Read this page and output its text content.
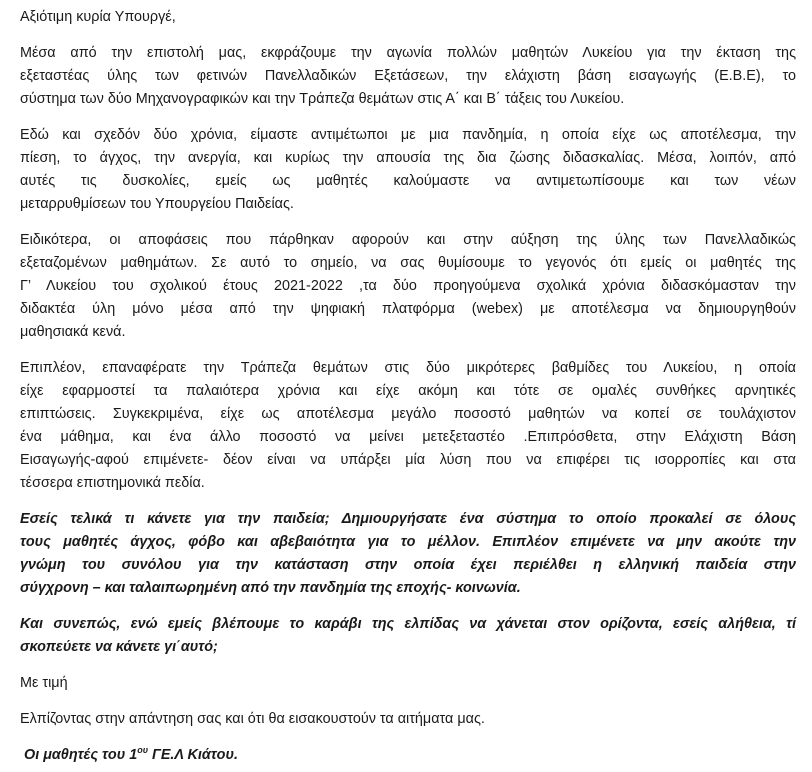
Αξιότιμη κυρία Υπουργέ,
Μέσα από την επιστολή μας, εκφράζουμε την αγωνία πολλών μαθητών Λυκείου για την έκταση της
εξεταστέας ύλης των φετινών Πανελλαδικών Εξετάσεων, την ελάχιστη βάση εισαγωγής (Ε.Β.Ε), το
σύστημα των δύο Μηχανογραφικών και την Τράπεζα θεμάτων στις Α΄ και Β΄ τάξεις του Λυκείου.
Εδώ και σχεδόν δύο χρόνια, είμαστε αντιμέτωποι με μια πανδημία, η οποία είχε ως αποτέλεσμα, την
πίεση, το άγχος, την ανεργία, και κυρίως την απουσία της δια ζώσης διδασκαλίας. Μέσα, λοιπόν, από
αυτές τις δυσκολίες, εμείς ως μαθητές καλούμαστε να αντιμετωπίσουμε και των νέων
μεταρρυθμίσεων του Υπουργείου Παιδείας.
Ειδικότερα, οι αποφάσεις που πάρθηκαν αφορούν και στην αύξηση της ύλης των Πανελλαδικώς
εξεταζομένων μαθημάτων. Σε αυτό το σημείο, να σας θυμίσουμε το γεγονός ότι εμείς οι μαθητές της
Γ’ Λυκείου του σχολικού έτους 2021-2022 ,τα δύο προηγούμενα σχολικά χρόνια διδασκόμασταν την
διδακτέα ύλη μόνο μέσα από την ψηφιακή πλατφόρμα (webex) με αποτέλεσμα να δημιουργηθούν
μαθησιακά κενά.
Επιπλέον, επαναφέρατε την Τράπεζα θεμάτων στις δύο μικρότερες βαθμίδες του Λυκείου, η οποία
είχε εφαρμοστεί τα παλαιότερα χρόνια και είχε ακόμη και τότε σε ομαλές συνθήκες αρνητικές
επιπτώσεις. Συγκεκριμένα, είχε ως αποτέλεσμα μεγάλο ποσοστό μαθητών να κοπεί σε τουλάχιστον
ένα μάθημα, και ένα άλλο ποσοστό να μείνει μετεξεταστέο .Επιπρόσθετα, στην Ελάχιστη Βάση
Εισαγωγής-αφού επιμένετε- δέον είναι να υπάρξει μία λύση που να επιφέρει τις ισορροπίες και στα
τέσσερα επιστημονικά πεδία.
Εσείς τελικά τι κάνετε για την παιδεία; Δημιουργήσατε ένα σύστημα το οποίο προκαλεί σε όλους
τους μαθητές άγχος, φόβο και αβεβαιότητα για το μέλλον. Επιπλέον επιμένετε να μην ακούτε την
γνώμη του συνόλου για την κατάσταση στην οποία έχει περιέλθει η ελληνική παιδεία στην
σύγχρονη – και ταλαιπωρημένη από την πανδημία της εποχής- κοινωνία.
Και συνεπώς, ενώ εμείς βλέπουμε το καράβι της ελπίδας να χάνεται στον ορίζοντα, εσείς αλήθεια, τί
σκοπεύετε να κάνετε γι΄αυτό;
Με τιμή
Ελπίζοντας στην απάντηση σας και ότι θα εισακουστούν τα αιτήματα μας.
Οι μαθητές του $1^{o\upsilon}$ ΓΕ.Λ Κιάτου.
